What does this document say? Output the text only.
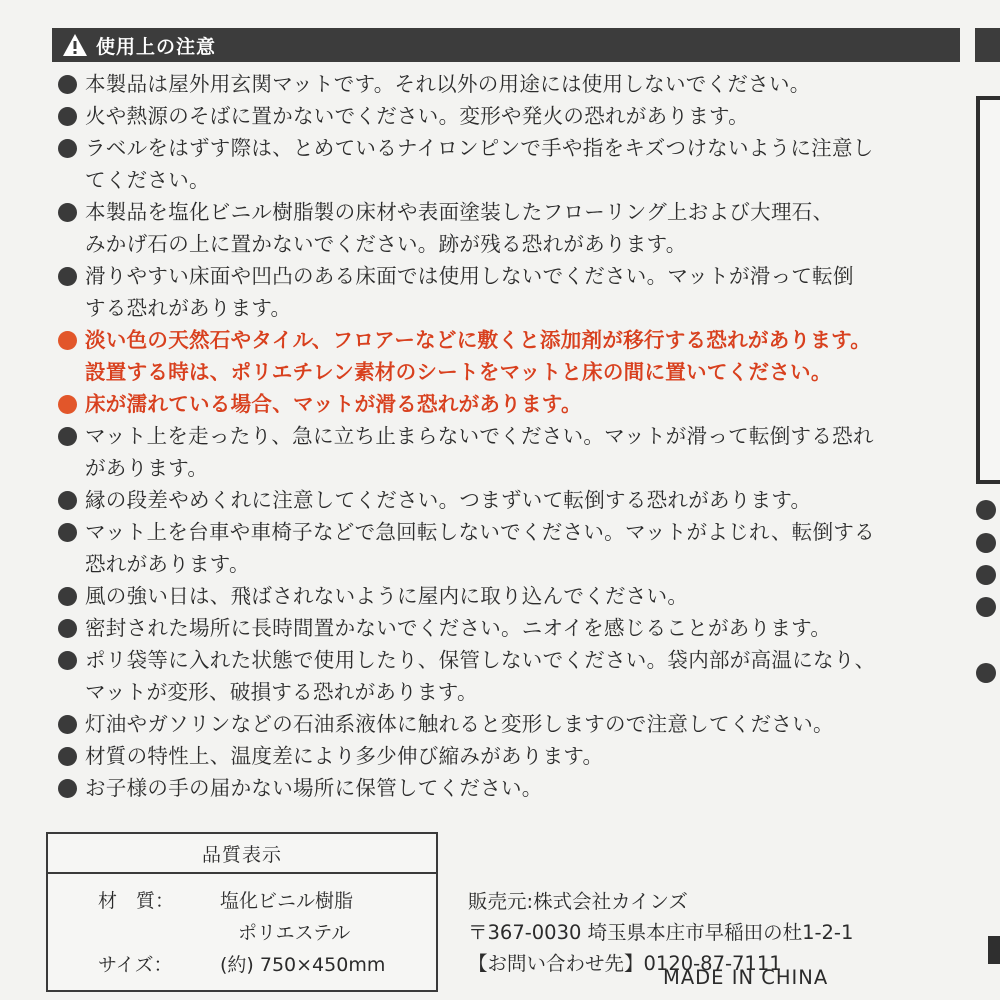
使用上の注意
本製品は屋外用玄関マットです。それ以外の用途には使用しないでください。
火や熱源のそばに置かないでください。変形や発火の恐れがあります。
ラベルをはずす際は、とめているナイロンピンで手や指をキズつけないように注意し
てください。
本製品を塩化ビニル樹脂製の床材や表面塗装したフローリング上および大理石、
みかげ石の上に置かないでください。跡が残る恐れがあります。
滑りやすい床面や凹凸のある床面では使用しないでください。マットが滑って転倒
する恐れがあります。
淡い色の天然石やタイル、フロアーなどに敷くと添加剤が移行する恐れがあります。
設置する時は、ポリエチレン素材のシートをマットと床の間に置いてください。
床が濡れている場合、マットが滑る恐れがあります。
マット上を走ったり、急に立ち止まらないでください。マットが滑って転倒する恐れ
があります。
縁の段差やめくれに注意してください。つまずいて転倒する恐れがあります。
マット上を台車や車椅子などで急回転しないでください。マットがよじれ、転倒する
恐れがあります。
風の強い日は、飛ばされないように屋内に取り込んでください。
密封された場所に長時間置かないでください。ニオイを感じることがあります。
ポリ袋等に入れた状態で使用したり、保管しないでください。袋内部が高温になり、
マットが変形、破損する恐れがあります。
灯油やガソリンなどの石油系液体に触れると変形しますので注意してください。
材質の特性上、温度差により多少伸び縮みがあります。
お子様の手の届かない場所に保管してください。
品質表示
材　質： 塩化ビニル樹脂
ポリエステル
サイズ：	(約) 750×450mm
販売元:株式会社カインズ
〒367-0030 埼玉県本庄市早稲田の杜1-2-1
【お問い合わせ先】0120-87-7111
MADE IN CHINA
